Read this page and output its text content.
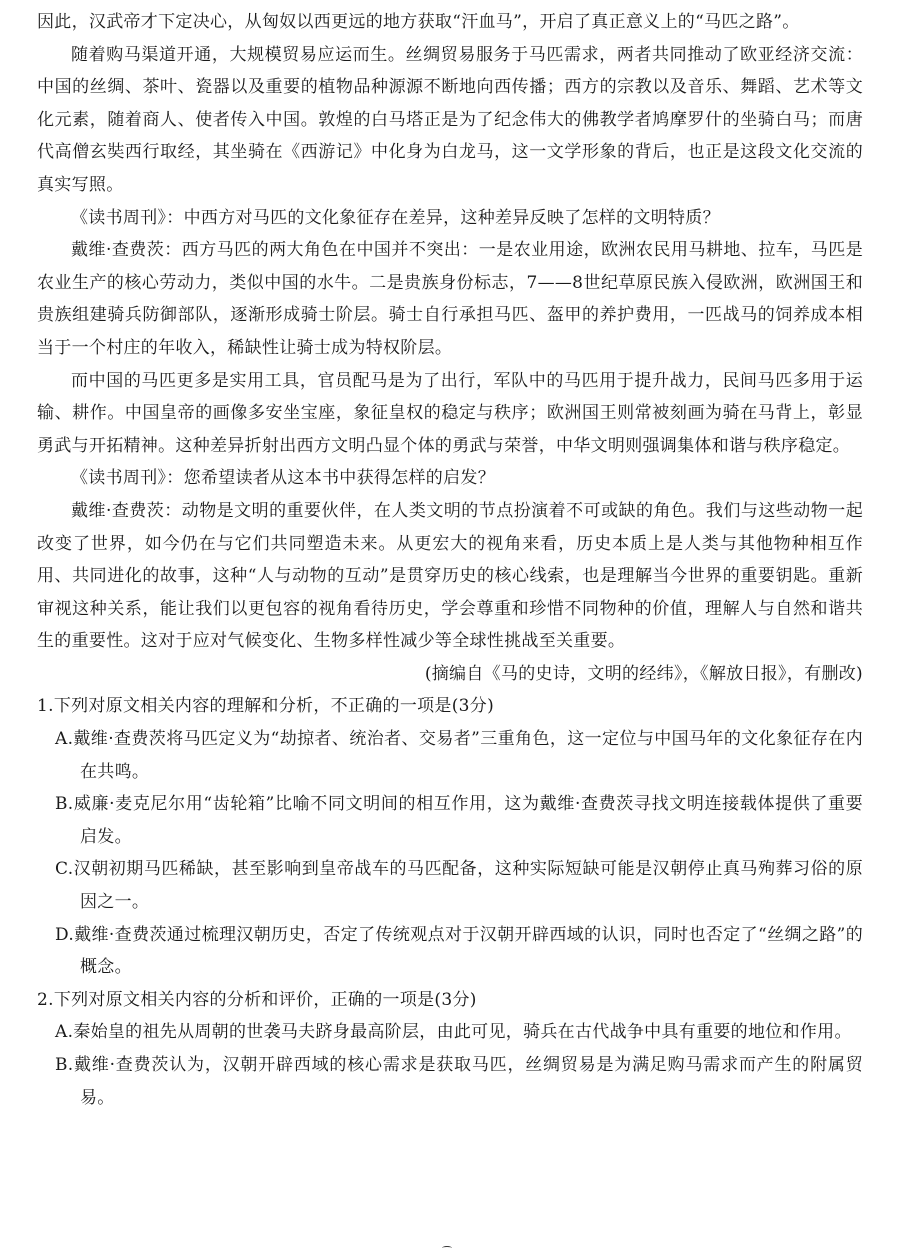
因此，汉武帝才下定决心，从匈奴以西更远的地方获取“汗血马”，开启了真正意义上的“马匹之路”。

随着购马渠道开通，大规模贸易应运而生。丝绸贸易服务于马匹需求，两者共同推动了欧亚经济交流：中国的丝绸、茶叶、瓷器以及重要的植物品种源源不断地向西传播；西方的宗教以及音乐、舞蹈、艺术等文化元素，随着商人、使者传入中国。敦煌的白马塔正是为了纪念伟大的佛教学者鸠摩罗什的坐骑白马；而唐代高僧玄奘西行取经，其坐骑在《西游记》中化身为白龙马，这一文学形象的背后，也正是这段文化交流的真实写照。

《读书周刊》：中西方对马匹的文化象征存在差异，这种差异反映了怎样的文明特质？

戴维·查费茨：西方马匹的两大角色在中国并不突出：一是农业用途，欧洲农民用马耕地、拉车，马匹是农业生产的核心劳动力，类似中国的水牛。二是贵族身份标志，7——8世纪草原民族入侵欧洲，欧洲国王和贵族组建骑兵防御部队，逐渐形成骑士阶层。骑士自行承担马匹、盔甲的养护费用，一匹战马的饲养成本相当于一个村庄的年收入，稀缺性让骑士成为特权阶层。

而中国的马匹更多是实用工具，官员配马是为了出行，军队中的马匹用于提升战力，民间马匹多用于运输、耕作。中国皇帝的画像多安坐宝座，象征皇权的稳定与秩序；欧洲国王则常被刻画为骑在马背上，彰显勇武与开拓精神。这种差异折射出西方文明凸显个体的勇武与荣誉，中华文明则强调集体和谐与秩序稳定。

《读书周刊》：您希望读者从这本书中获得怎样的启发？

戴维·查费茨：动物是文明的重要伙伴，在人类文明的节点扮演着不可或缺的角色。我们与这些动物一起改变了世界，如今仍在与它们共同塑造未来。从更宏大的视角来看，历史本质上是人类与其他物种相互作用、共同进化的故事，这种“人与动物的互动”是贯穿历史的核心线索，也是理解当今世界的重要钥匙。重新审视这种关系，能让我们以更包容的视角看待历史，学会尊重和珍惜不同物种的价值，理解人与自然和谐共生的重要性。这对于应对气候变化、生物多样性减少等全球性挑战至关重要。

(摘编自《马的史诗，文明的经纬》，《解放日报》，有删改)

1.下列对原文相关内容的理解和分析，不正确的一项是(3分)

A.戴维·查费茨将马匹定义为“劫掠者、统治者、交易者”三重角色，这一定位与中国马年的文化象征存在内在共鸣。

B.威廉·麦克尼尔用“齿轮箱”比喻不同文明间的相互作用，这为戴维·查费茨寻找文明连接载体提供了重要启发。

C.汉朝初期马匹稀缺，甚至影响到皇帝战车的马匹配备，这种实际短缺可能是汉朝停止真马殉葬习俗的原因之一。

D.戴维·查费茨通过梳理汉朝历史，否定了传统观点对于汉朝开辟西域的认识，同时也否定了“丝绸之路”的概念。

2.下列对原文相关内容的分析和评价，正确的一项是(3分)

A.秦始皇的祖先从周朝的世袭马夫跻身最高阶层，由此可见，骑兵在古代战争中具有重要的地位和作用。

B.戴维·查费茨认为，汉朝开辟西域的核心需求是获取马匹，丝绸贸易是为满足购马需求而产生的附属贸易。
